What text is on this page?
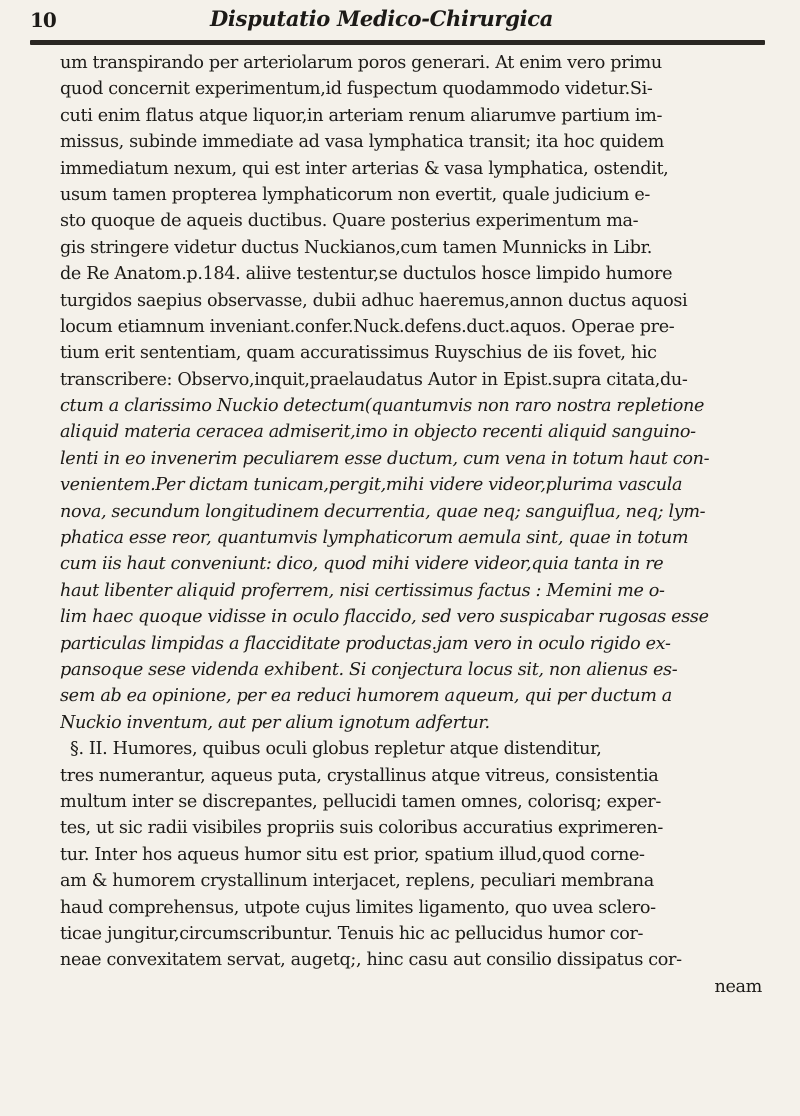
10	Disputatio Medico-Chirurgica
um transpirando per arteriolarum poros generari. At enim vero primu
quod concernit experimentum,id fuspectum quodammodo videtur.Si-
cuti enim flatus atque liquor,in arteriam renum aliarumve partium im-
missus, subinde immediate ad vasa lymphatica transit; ita hoc quidem
immediatum nexum, qui est inter arterias & vasa lymphatica, ostendit,
usum tamen propterea lymphaticorum non evertit, quale judicium e-
sto quoque de aqueis ductibus. Quare posterius experimentum ma-
gis stringere videtur ductus Nuckianos,cum tamen Munnicks in Libr.
de Re Anatom.p.184. aliive testentur,se ductulos hosce limpido humore
turgidos saepius observasse, dubii adhuc haeremus,annon ductus aquosi
locum etiamnum inveniant.confer.Nuck.defens.duct.aquos. Operae pre-
tium erit sententiam, quam accuratissimus Ruyschius de iis fovet, hic
transcribere: Observo,inquit,praelaudatus Autor in Epist.supra citata,du-
ctum a clarissimo Nuckio detectum(quantumvis non raro nostra repletione
aliquid materia ceracea admiserit,imo in objecto recenti aliquid sanguino-
lenti in eo invenerim peculiarem esse ductum, cum vena in totum haut con-
venientem.Per dictam tunicam,pergit,mihi videre videor,plurima vascula
nova, secundum longitudinem decurrentia, quae neq; sanguiflua, neq; lym-
phatica esse reor, quantumvis lymphaticorum aemula sint, quae in totum
cum iis haut conveniunt: dico, quod mihi videre videor,quia tanta in re
haut libenter aliquid proferrem, nisi certissimus factus : Memini me o-
lim haec quoque vidisse in oculo flaccido, sed vero suspicabar rugosas esse
particulas limpidas a flacciditate productas.jam vero in oculo rigido ex-
pansoque sese videnda exhibent. Si conjectura locus sit, non alienus es-
sem ab ea opinione, per ea reduci humorem aqueum, qui per ductum a
Nuckio inventum, aut per alium ignotum adfertur.
§. II. Humores, quibus oculi globus repletur atque distenditur,
tres numerantur, aqueus puta, crystallinus atque vitreus, consistentia
multum inter se discrepantes, pellucidi tamen omnes, colorisq; exper-
tes, ut sic radii visibiles propriis suis coloribus accuratius exprimeren-
tur. Inter hos aqueus humor situ est prior, spatium illud,quod corne-
am & humorem crystallinum interjacet, replens, peculiari membrana
haud comprehensus, utpote cujus limites ligamento, quo uvea sclero-
ticae jungitur,circumscribuntur. Tenuis hic ac pellucidus humor cor-
neae convexitatem servat, augetq;, hinc casu aut consilio dissipatus cor-
neam
